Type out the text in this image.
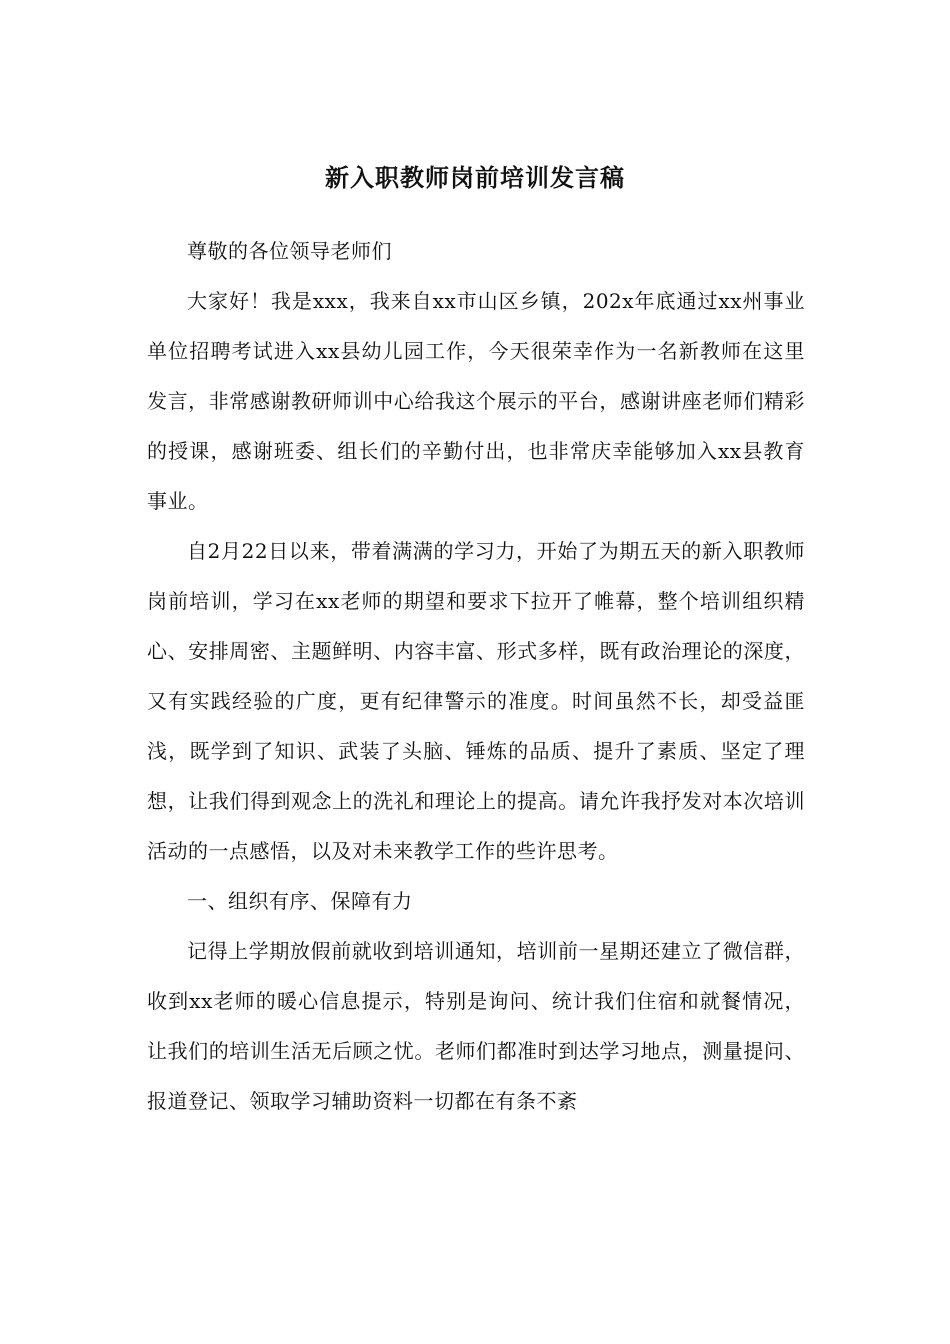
新入职教师岗前培训发言稿

尊敬的各位领导老师们

大家好！我是xxx，我来自xx市山区乡镇，202x年底通过xx州事业单位招聘考试进入xx县幼儿园工作，今天很荣幸作为一名新教师在这里发言，非常感谢教研师训中心给我这个展示的平台，感谢讲座老师们精彩的授课，感谢班委、组长们的辛勤付出，也非常庆幸能够加入xx县教育事业。

自2月22日以来，带着满满的学习力，开始了为期五天的新入职教师岗前培训，学习在xx老师的期望和要求下拉开了帷幕，整个培训组织精心、安排周密、主题鲜明、内容丰富、形式多样，既有政治理论的深度，又有实践经验的广度，更有纪律警示的准度。时间虽然不长，却受益匪浅，既学到了知识、武装了头脑、锤炼的品质、提升了素质、坚定了理想，让我们得到观念上的洗礼和理论上的提高。请允许我抒发对本次培训活动的一点感悟，以及对未来教学工作的些许思考。

一、组织有序、保障有力

记得上学期放假前就收到培训通知，培训前一星期还建立了微信群，收到xx老师的暖心信息提示，特别是询问、统计我们住宿和就餐情况，让我们的培训生活无后顾之忧。老师们都准时到达学习地点，测量提问、报道登记、领取学习辅助资料一切都在有条不紊
